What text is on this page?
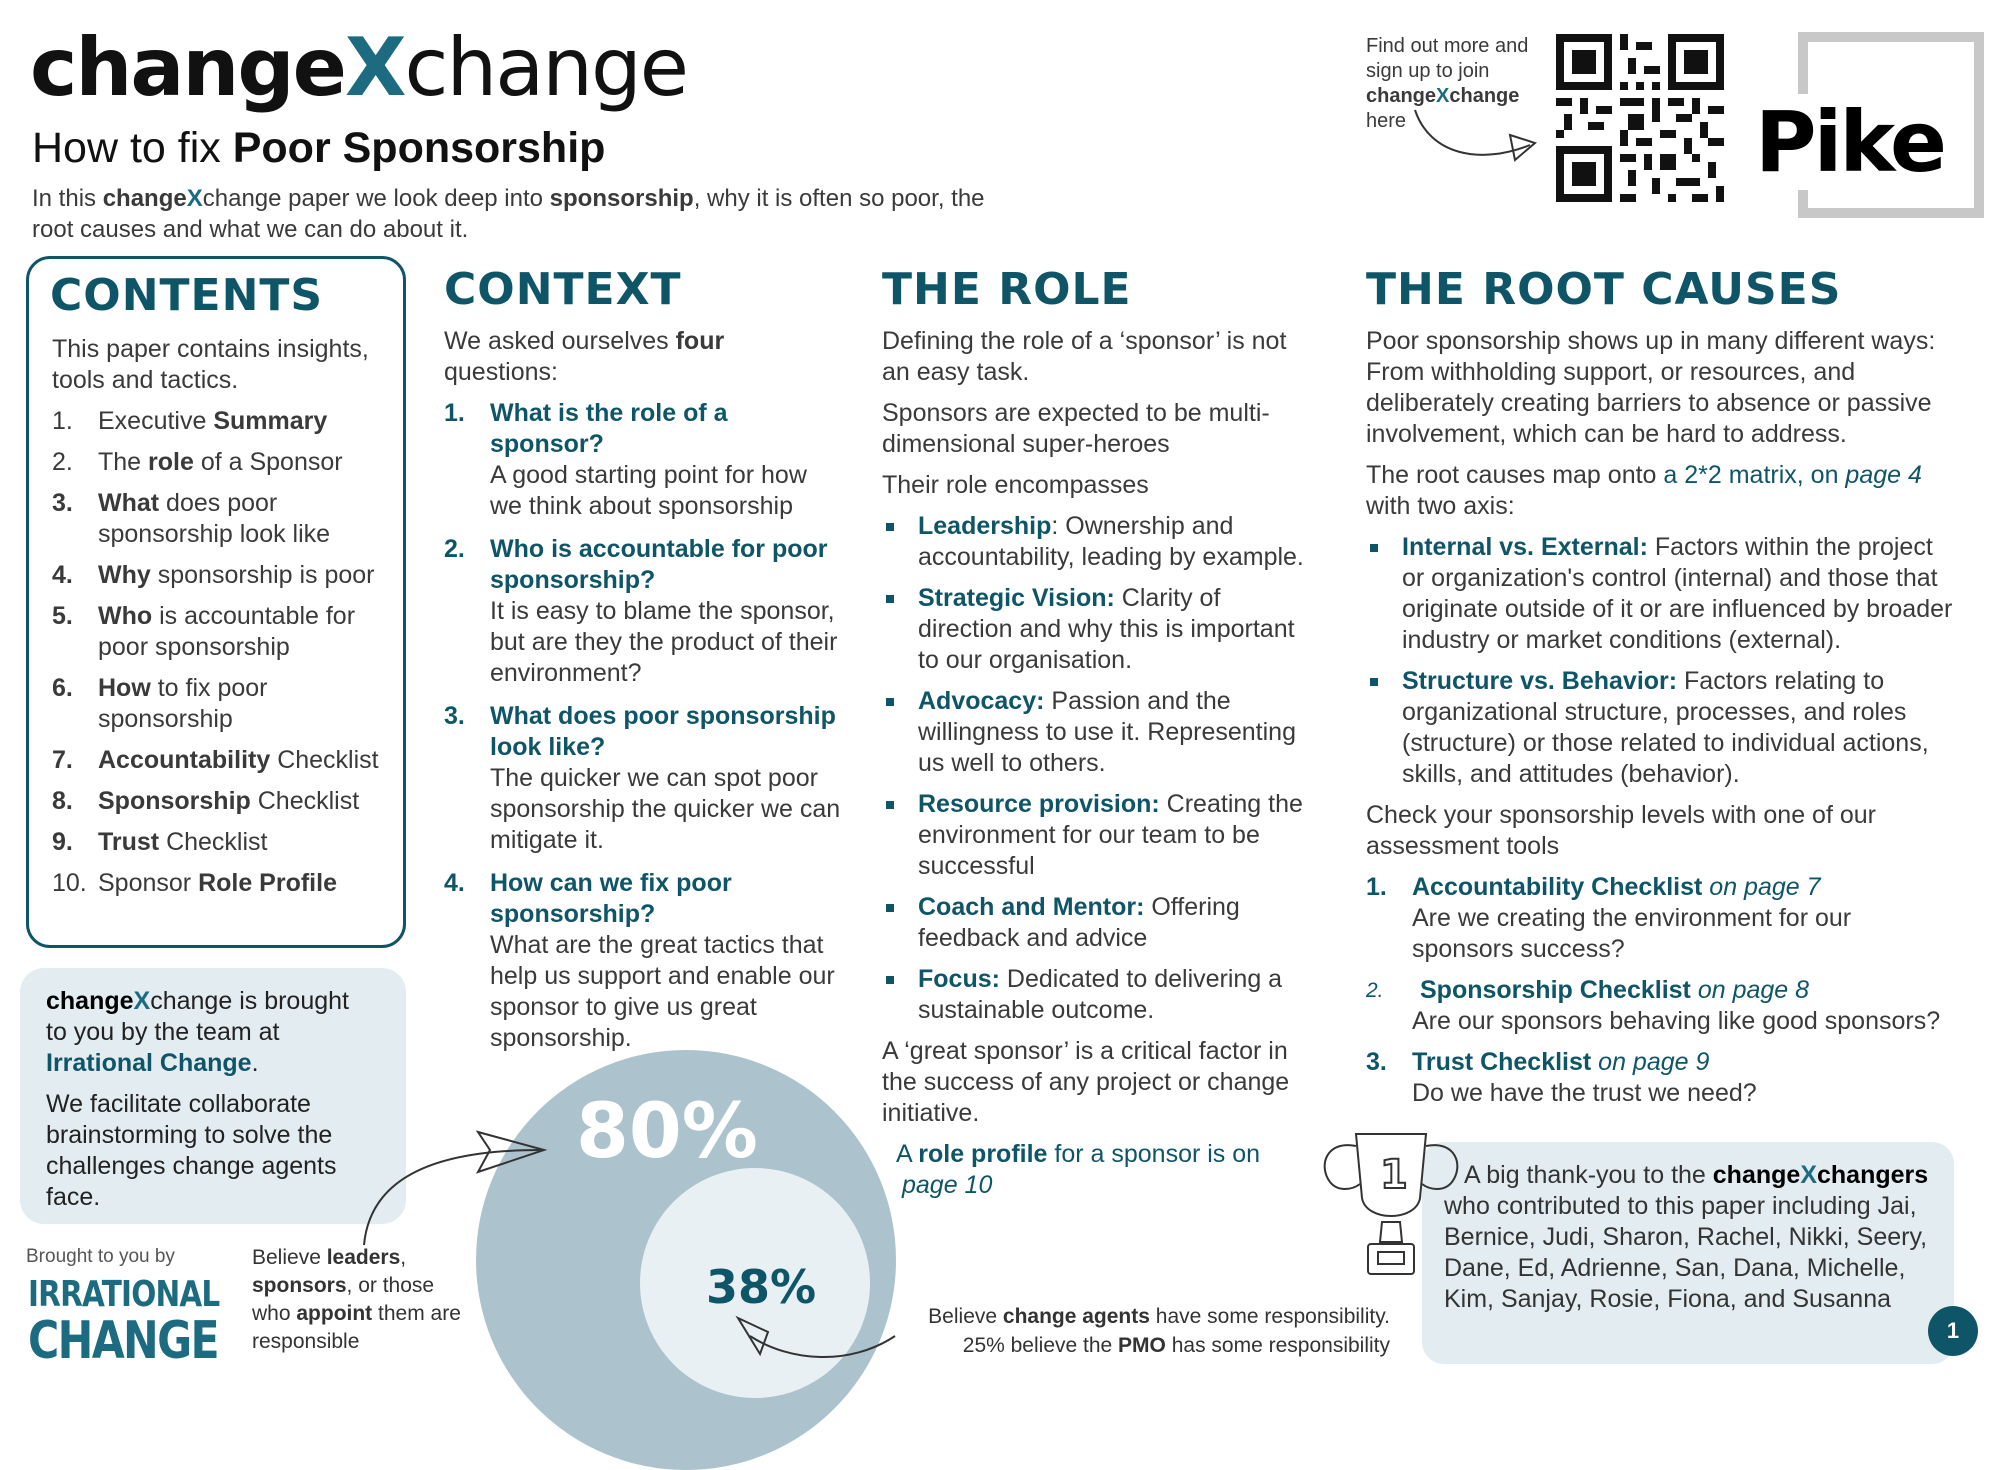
changeXchange
How to fix Poor Sponsorship
In this changeXchange paper we look deep into sponsorship, why it is often so poor, the
root causes and what we can do about it.
Find out more and
sign up to join
changeXchange
here	Pike
CONTENTS

This paper contains insights, tools and tactics.

1. Executive Summary
2. The role of a Sponsor
3. What does poor sponsorship look like
4. Why sponsorship is poor
5. Who is accountable for poor sponsorship
6. How to fix poor sponsorship
7. Accountability Checklist
8. Sponsorship Checklist
9. Trust Checklist
10. Sponsor Role Profile

changeXchange is brought to you by the team at Irrational Change.

We facilitate collaborate brainstorming to solve the challenges change agents face.

Brought to you by
IRRATIONAL
CHANGE
Believe leaders, sponsors, or those who appoint them are responsible
CONTEXT

We asked ourselves four
questions:

1. What is the role of a sponsor?
A good starting point for how we think about sponsorship
2. Who is accountable for poor sponsorship?
It is easy to blame the sponsor, but are they the product of their environment?
3. What does poor sponsorship look like?
The quicker we can spot poor sponsorship the quicker we can mitigate it.
4. How can we fix poor sponsorship?
What are the great tactics that help us support and enable our sponsor to give us great sponsorship.
80%
38%
Believe change agents have some responsibility.
25% believe the PMO has some responsibility
THE ROLE

Defining the role of a ‘sponsor’ is not an easy task.

Sponsors are expected to be multi-dimensional super-heroes

Their role encompasses

Leadership: Ownership and accountability, leading by example.
Strategic Vision: Clarity of direction and why this is important to our organisation.
Advocacy: Passion and the willingness to use it. Representing us well to others.
Resource provision: Creating the environment for our team to be successful
Coach and Mentor: Offering feedback and advice
Focus: Dedicated to delivering a sustainable outcome.

A ‘great sponsor’ is a critical factor in the success of any project or change initiative.

A role profile for a sponsor is on
page 10

THE ROOT CAUSES

Poor sponsorship shows up in many different ways: From withholding support, or resources, and deliberately creating barriers to absence or passive involvement, which can be hard to address.

The root causes map onto a 2*2 matrix, on page 4 with two axis:

Internal vs. External: Factors within the project or organization's control (internal) and those that originate outside of it or are influenced by broader industry or market conditions (external).
Structure vs. Behavior: Factors relating to organizational structure, processes, and roles (structure) or those related to individual actions, skills, and attitudes (behavior).

Check your sponsorship levels with one of our assessment tools

1. Accountability Checklist on page 7
Are we creating the environment for our sponsors success?
2.	Sponsorship Checklist on page 8
Are our sponsors behaving like good sponsors?
3. Trust Checklist on page 9
Do we have the trust we need?
1	A big thank-you to the changeXchangers who contributed to this paper including Jai, Bernice, Judi, Sharon, Rachel, Nikki, Seery, Dane, Ed, Adrienne, San, Dana, Michelle, Kim, Sanjay, Rosie, Fiona, and Susanna
1
